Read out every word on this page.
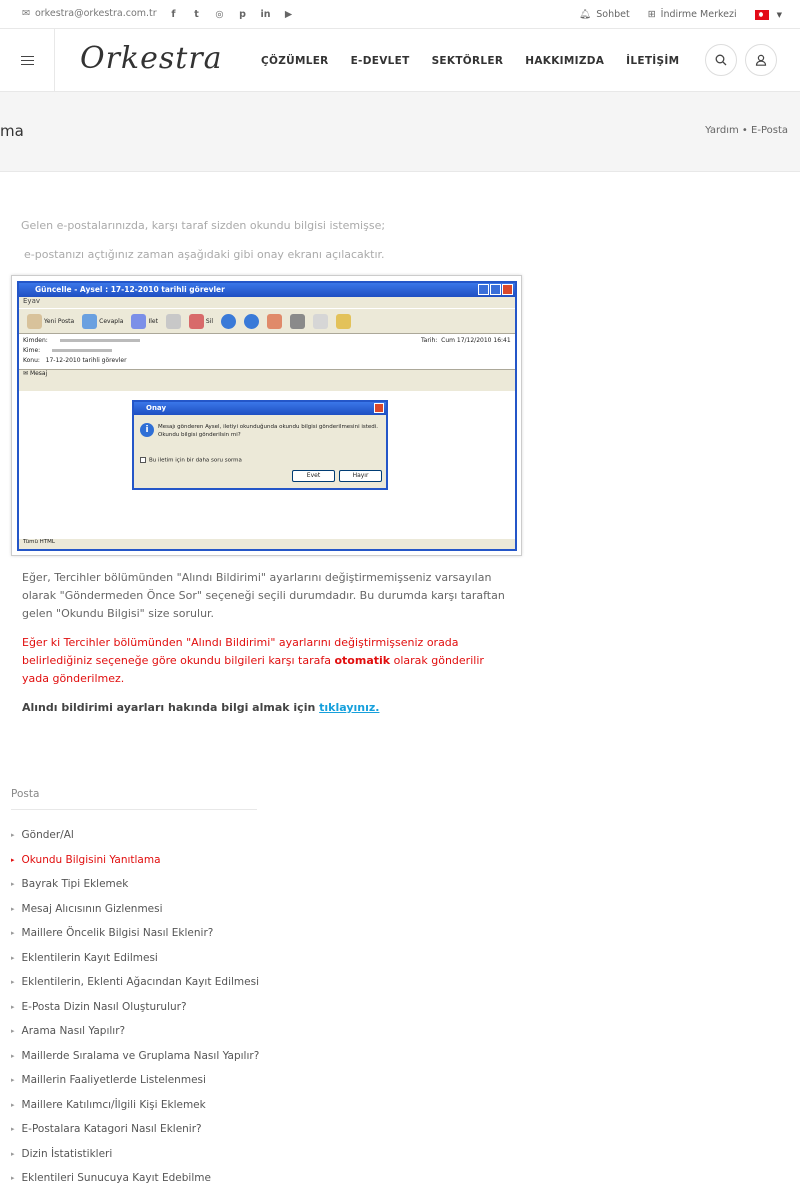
✉ orkestra@orkestra.com.tr	f	t	◎	p	in	▶	🔔︎ Sohbet ⊞ İndirme Merkezi	▼
Orkestra	ÇÖZÜMLER	E-DEVLET	SEKTÖRLER	HAKKIMIZDA	İLETİŞİM
ma	Yardım • E-Posta
Gelen e-postalarınızda, karşı taraf sizden okundu bilgisi istemişse;
e-postanızı açtığınız zaman aşağıdaki gibi onay ekranı açılacaktır.
Güncelle - Aysel : 17-12-2010 tarihli görevler
Eyav
Yeni Posta	Cevapla	Ilet	Sil
Kimden:
Kime:
Konu: 17-12-2010 tarihli görevler
Tarih: Cum 17/12/2010 16:41
✉ Mesaj
Tümü HTML
Onay
i	Mesajı gönderen Aysel, iletiyi okunduğunda okundu bilgisi gönderilmesini istedi. Okundu bilgisi gönderilsin mi?
Bu iletim için bir daha soru sorma
Evet	Hayır
Eğer, Tercihler bölümünden "Alındı Bildirimi" ayarlarını değiştirmemişseniz varsayılan olarak "Göndermeden Önce Sor" seçeneği seçili durumdadır. Bu durumda karşı taraftan gelen "Okundu Bilgisi" size sorulur.
Eğer ki Tercihler bölümünden "Alındı Bildirimi" ayarlarını değiştirmişseniz orada belirlediğiniz seçeneğe göre okundu bilgileri karşı tarafa otomatik olarak gönderilir yada gönderilmez.
Alındı bildirimi ayarları hakında bilgi almak için tıklayınız.
Posta
▸ Gönder/Al
▸ Okundu Bilgisini Yanıtlama
▸ Bayrak Tipi Eklemek
▸ Mesaj Alıcısının Gizlenmesi
▸ Maillere Öncelik Bilgisi Nasıl Eklenir?
▸ Eklentilerin Kayıt Edilmesi
▸ Eklentilerin, Eklenti Ağacından Kayıt Edilmesi
▸ E-Posta Dizin Nasıl Oluşturulur?
▸ Arama Nasıl Yapılır?
▸ Maillerde Sıralama ve Gruplama Nasıl Yapılır?
▸ Maillerin Faaliyetlerde Listelenmesi
▸ Maillere Katılımcı/İlgili Kişi Eklemek
▸ E-Postalara Katagori Nasıl Eklenir?
▸ Dizin İstatistikleri
▸ Eklentileri Sunucuya Kayıt Edebilme
